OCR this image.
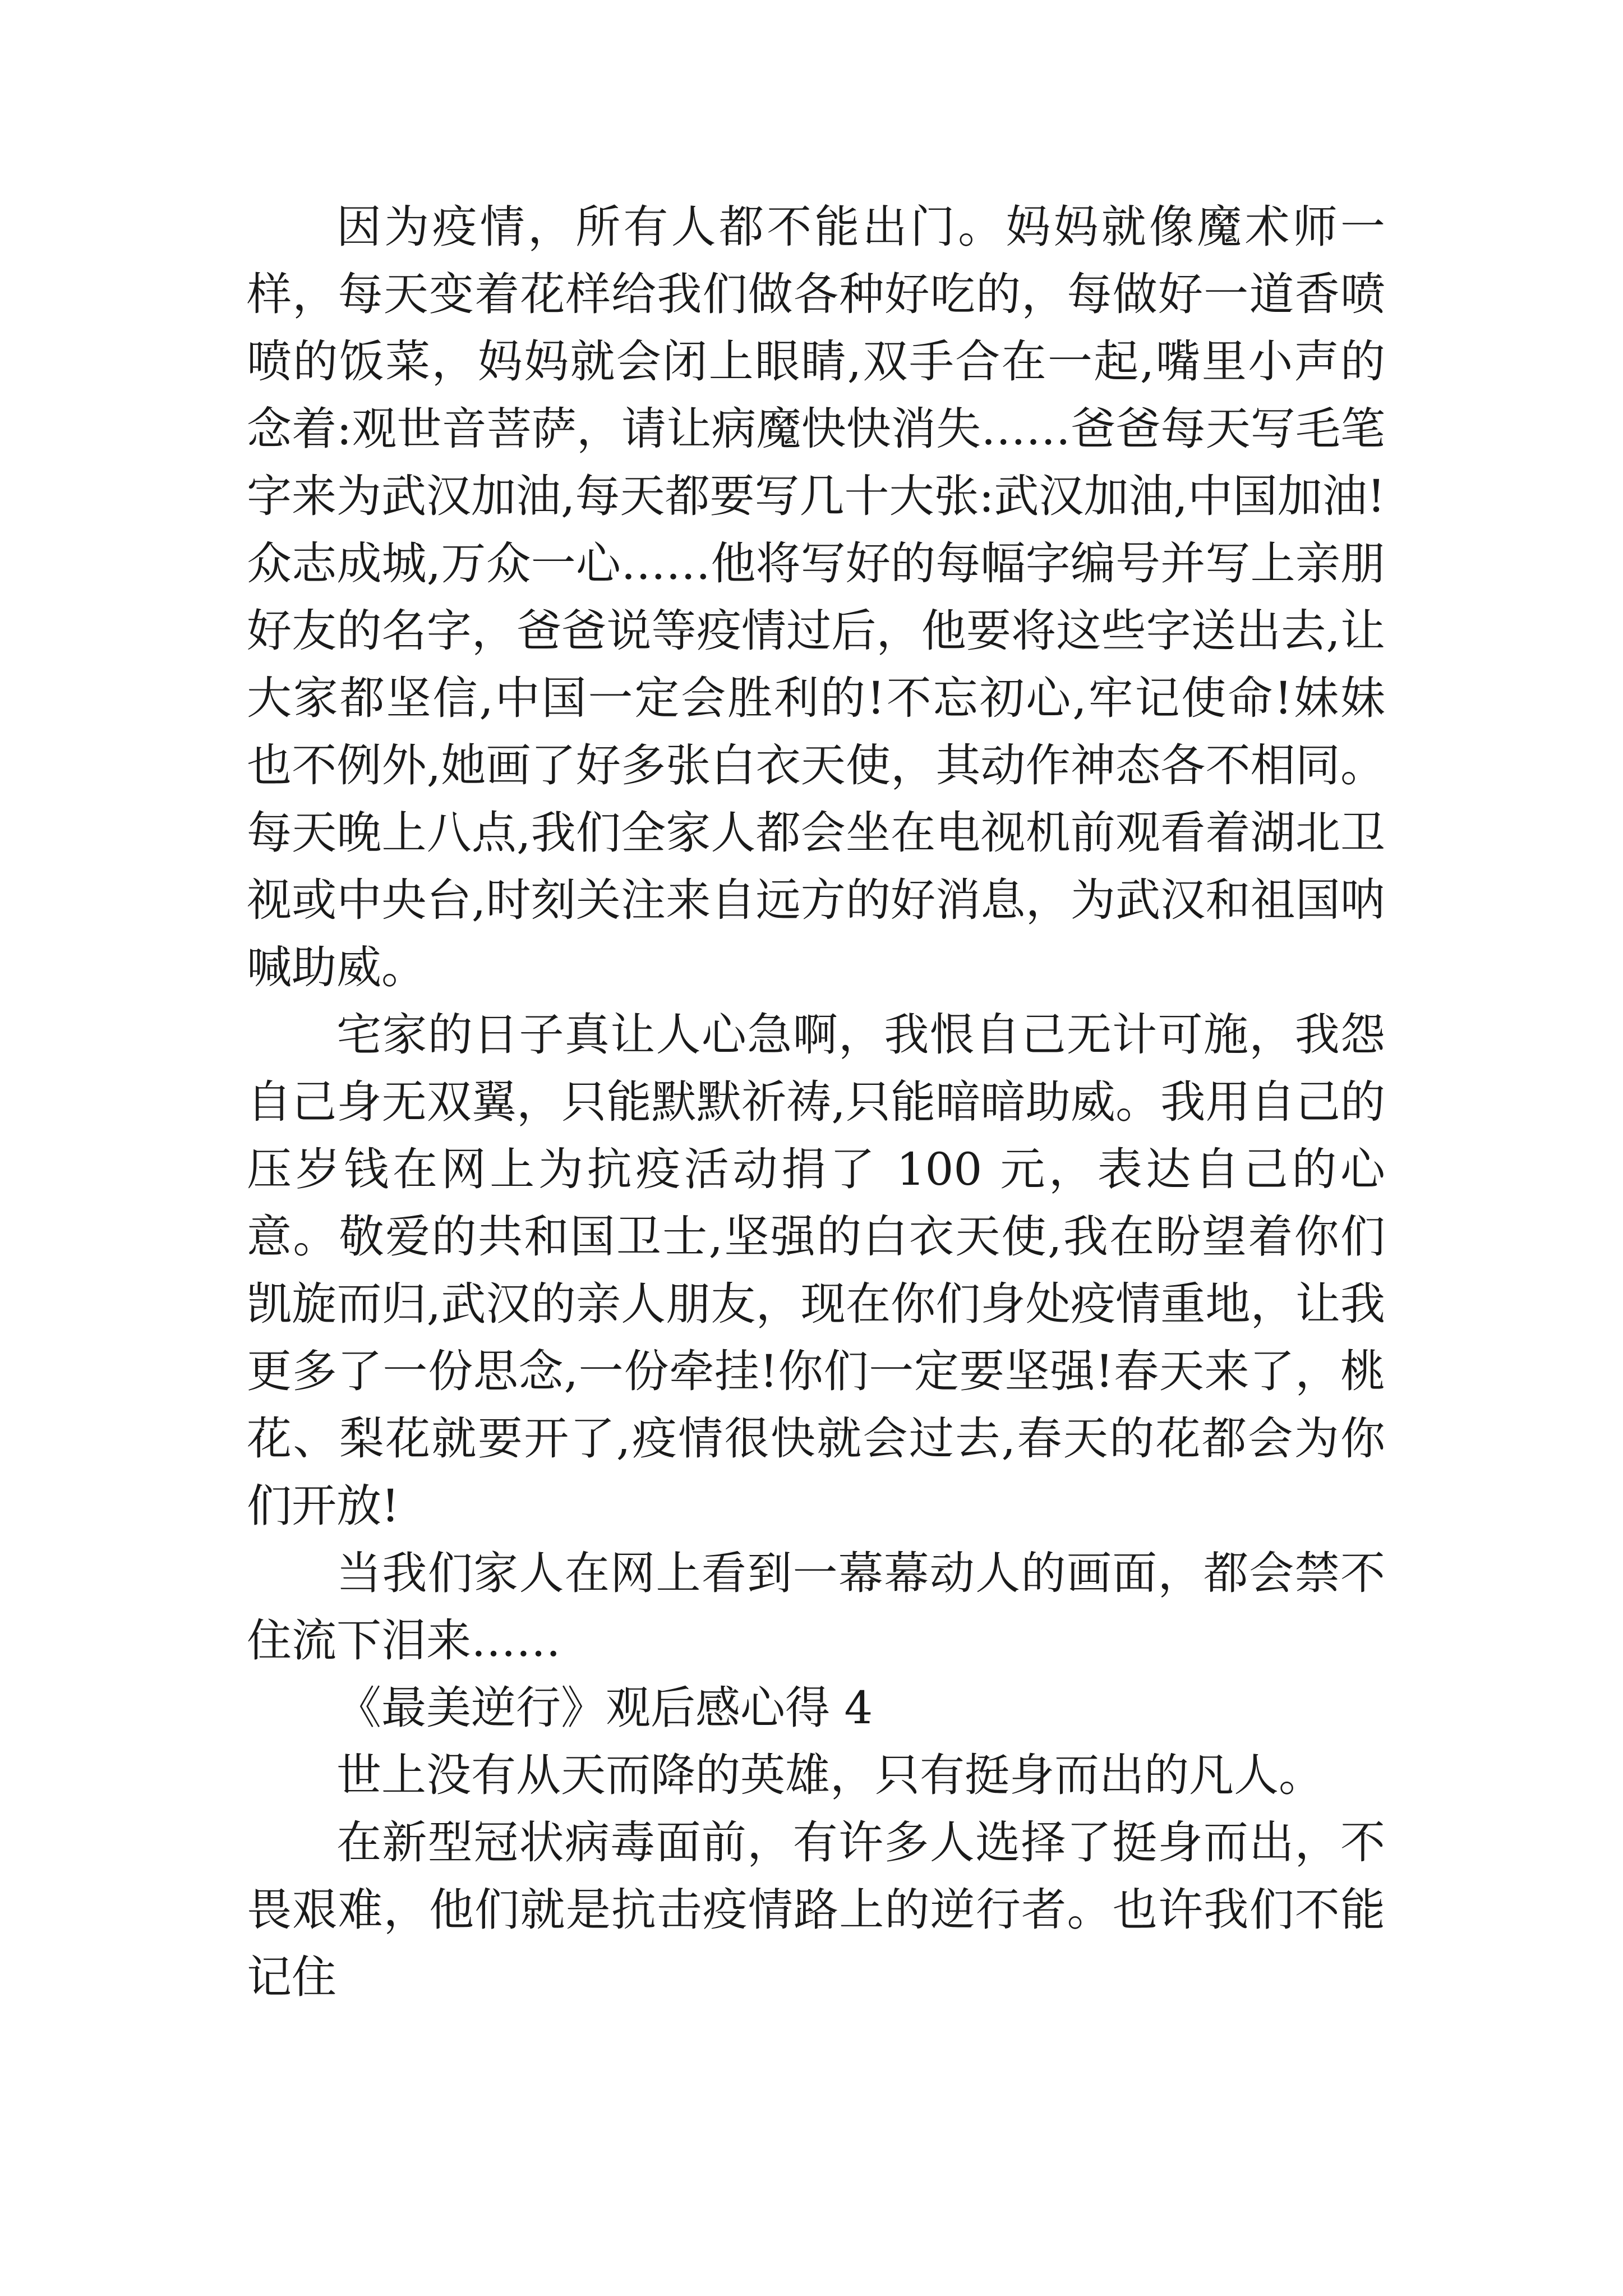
因为疫情，所有人都不能出门。妈妈就像魔术师一样，每天变着花样给我们做各种好吃的，每做好一道香喷喷的饭菜，妈妈就会闭上眼睛,双手合在一起,嘴里小声的念着:观世音菩萨，请让病魔快快消失……爸爸每天写毛笔字来为武汉加油,每天都要写几十大张:武汉加油,中国加油!众志成城,万众一心……他将写好的每幅字编号并写上亲朋好友的名字，爸爸说等疫情过后，他要将这些字送出去,让大家都坚信,中国一定会胜利的!不忘初心,牢记使命!妹妹也不例外,她画了好多张白衣天使，其动作神态各不相同。每天晚上八点,我们全家人都会坐在电视机前观看着湖北卫视或中央台,时刻关注来自远方的好消息，为武汉和祖国呐喊助威。

宅家的日子真让人心急啊，我恨自己无计可施，我怨自己身无双翼，只能默默祈祷,只能暗暗助威。我用自己的压岁钱在网上为抗疫活动捐了 100 元，表达自己的心意。敬爱的共和国卫士,坚强的白衣天使,我在盼望着你们凯旋而归,武汉的亲人朋友，现在你们身处疫情重地，让我更多了一份思念,一份牵挂!你们一定要坚强!春天来了，桃花、梨花就要开了,疫情很快就会过去,春天的花都会为你们开放!

当我们家人在网上看到一幕幕动人的画面，都会禁不住流下泪来……

《最美逆行》观后感心得 4

世上没有从天而降的英雄，只有挺身而出的凡人。

在新型冠状病毒面前，有许多人选择了挺身而出，不畏艰难，他们就是抗击疫情路上的逆行者。也许我们不能记住
